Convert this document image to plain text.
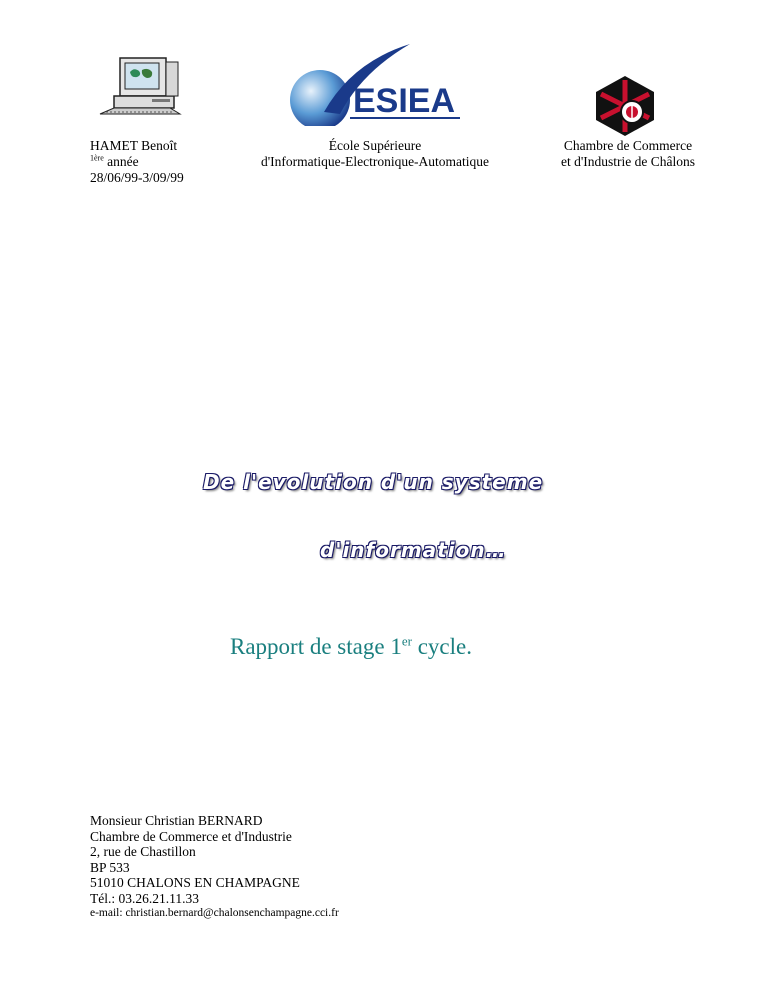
ESIEA
HAMET Benoît
$^{1ère}$ année
28/06/99-3/09/99
École Supérieure
d'Informatique-Electronique-Automatique
Chambre de Commerce
et d'Industrie de Châlons
De l'evolution d'un systeme
d'information…
Rapport de stage 1er cycle.
Monsieur Christian BERNARD
Chambre de Commerce et d'Industrie
2, rue de Chastillon
BP 533
51010 CHALONS EN CHAMPAGNE
Tél.: 03.26.21.11.33
e-mail: christian.bernard@chalonsenchampagne.cci.fr
